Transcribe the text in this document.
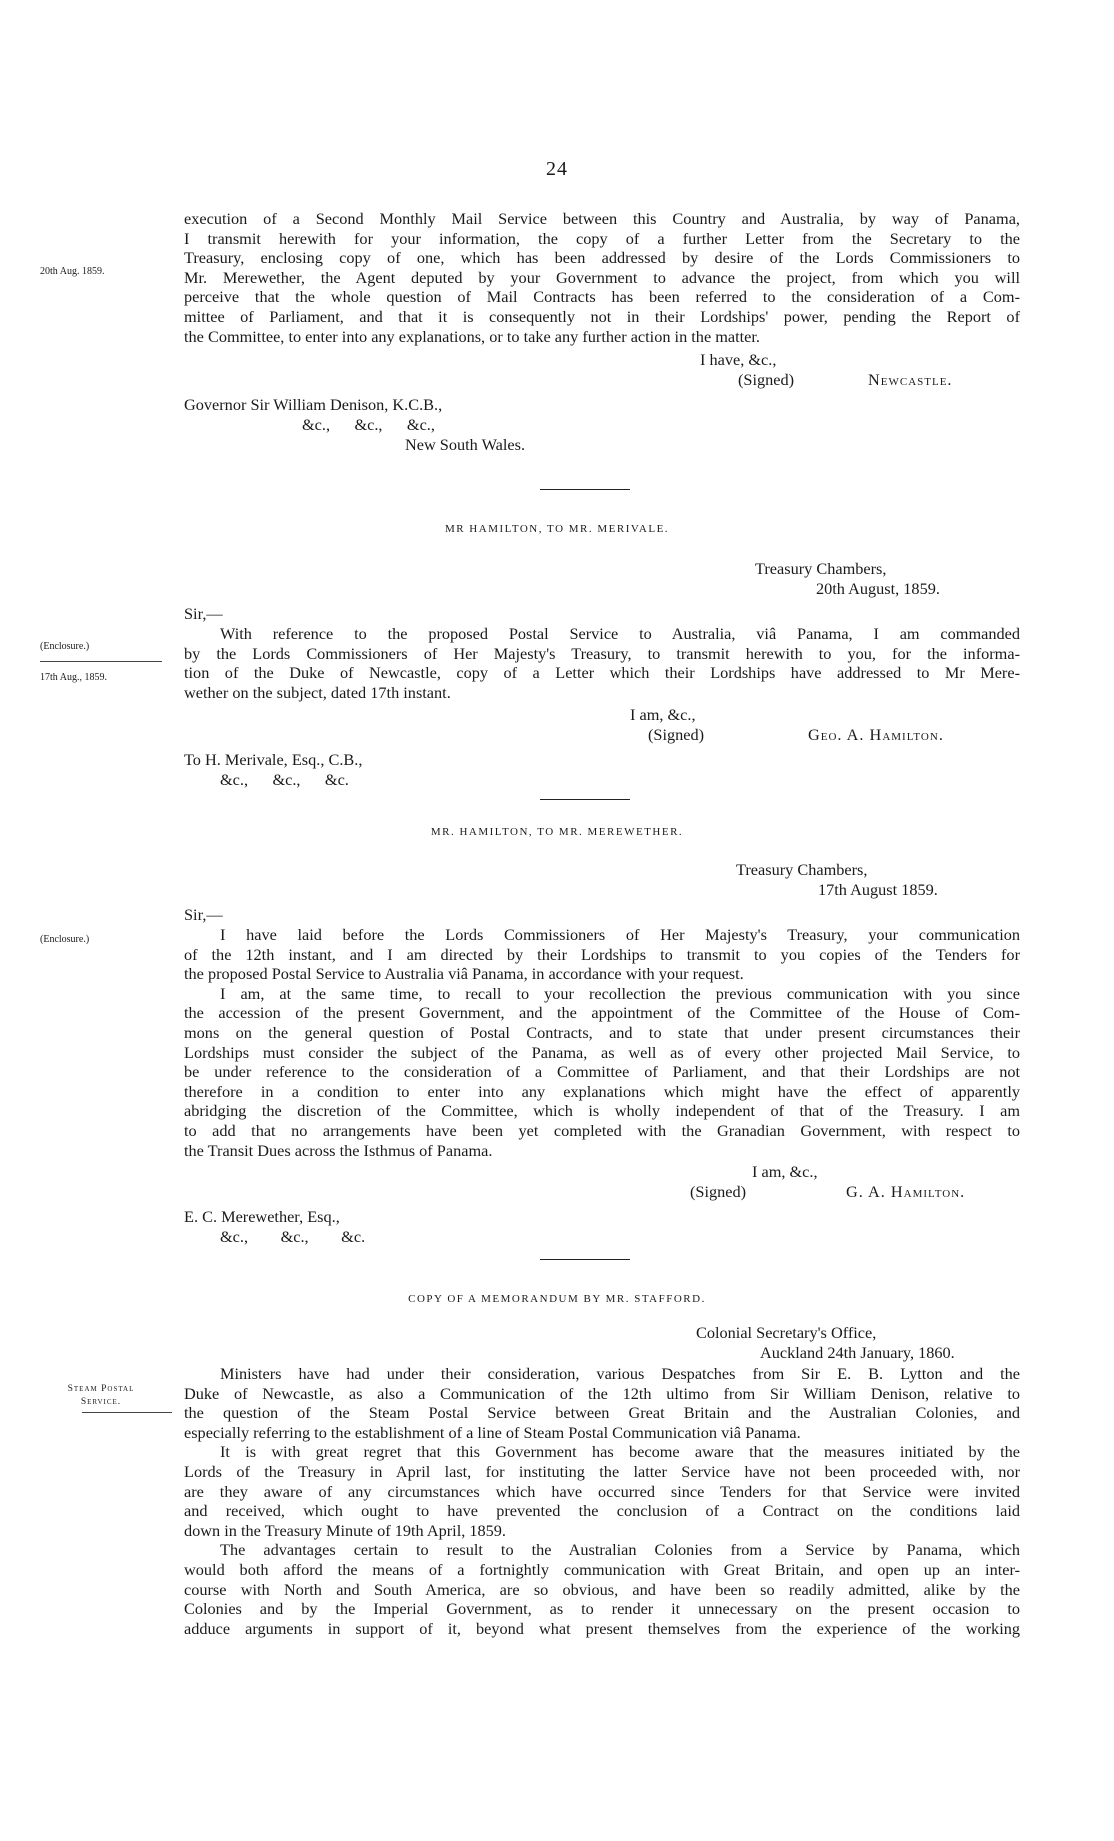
24
20th Aug. 1859.
execution of a Second Monthly Mail Service between this Country and Australia, by way of Panama,
I transmit herewith for your information, the copy of a further Letter from the Secretary to the
Treasury, enclosing copy of one, which has been addressed by desire of the Lords Commissioners to
Mr. Merewether, the Agent deputed by your Government to advance the project, from which you will
perceive that the whole question of Mail Contracts has been referred to the consideration of a Com-
mittee of Parliament, and that it is consequently not in their Lordships' power, pending the Report of
the Committee, to enter into any explanations, or to take any further action in the matter.
I have, &c.,
(Signed)	Newcastle.
Governor Sir William Denison, K.C.B.,
&c.,      &c.,      &c.,
New South Wales.
MR HAMILTON, TO MR. MERIVALE.
Treasury Chambers,
20th August, 1859.
Sir,—
(Enclosure.)
17th Aug., 1859.
With reference to the proposed Postal Service to Australia, viâ Panama, I am commanded
by the Lords Commissioners of Her Majesty's Treasury, to transmit herewith to you, for the informa-
tion of the Duke of Newcastle, copy of a Letter which their Lordships have addressed to Mr Mere-
wether on the subject, dated 17th instant.
I am, &c.,
(Signed)	Geo. A. Hamilton.
To H. Merivale, Esq., C.B.,
&c.,      &c.,      &c.
MR. HAMILTON, TO MR. MEREWETHER.
Treasury Chambers,
17th August 1859.
Sir,—
(Enclosure.)	I have laid before the Lords Commissioners of Her Majesty's Treasury, your communication
of the 12th instant, and I am directed by their Lordships to transmit to you copies of the Tenders for
the proposed Postal Service to Australia viâ Panama, in accordance with your request.
I am, at the same time, to recall to your recollection the previous communication with you since
the accession of the present Government, and the appointment of the Committee of the House of Com-
mons on the general question of Postal Contracts, and to state that under present circumstances their
Lordships must consider the subject of the Panama, as well as of every other projected Mail Service, to
be under reference to the consideration of a Committee of Parliament, and that their Lordships are not
therefore in a condition to enter into any explanations which might have the effect of apparently
abridging the discretion of the Committee, which is wholly independent of that of the Treasury. I am
to add that no arrangements have been yet completed with the Granadian Government, with respect to
the Transit Dues across the Isthmus of Panama.
I am, &c.,
(Signed)	G. A. Hamilton.
E. C. Merewether, Esq.,
&c.,        &c.,        &c.
COPY OF A MEMORANDUM BY MR. STAFFORD.
Colonial Secretary's Office,
Auckland 24th January, 1860.
Steam Postal
Service.
Ministers have had under their consideration, various Despatches from Sir E. B. Lytton and the
Duke of Newcastle, as also a Communication of the 12th ultimo from Sir William Denison, relative to
the question of the Steam Postal Service between Great Britain and the Australian Colonies, and
especially referring to the establishment of a line of Steam Postal Communication viâ Panama.
It is with great regret that this Government has become aware that the measures initiated by the
Lords of the Treasury in April last, for instituting the latter Service have not been proceeded with, nor
are they aware of any circumstances which have occurred since Tenders for that Service were invited
and received, which ought to have prevented the conclusion of a Contract on the conditions laid
down in the Treasury Minute of 19th April, 1859.
The advantages certain to result to the Australian Colonies from a Service by Panama, which
would both afford the means of a fortnightly communication with Great Britain, and open up an inter-
course with North and South America, are so obvious, and have been so readily admitted, alike by the
Colonies and by the Imperial Government, as to render it unnecessary on the present occasion to
adduce arguments in support of it, beyond what present themselves from the experience of the working
